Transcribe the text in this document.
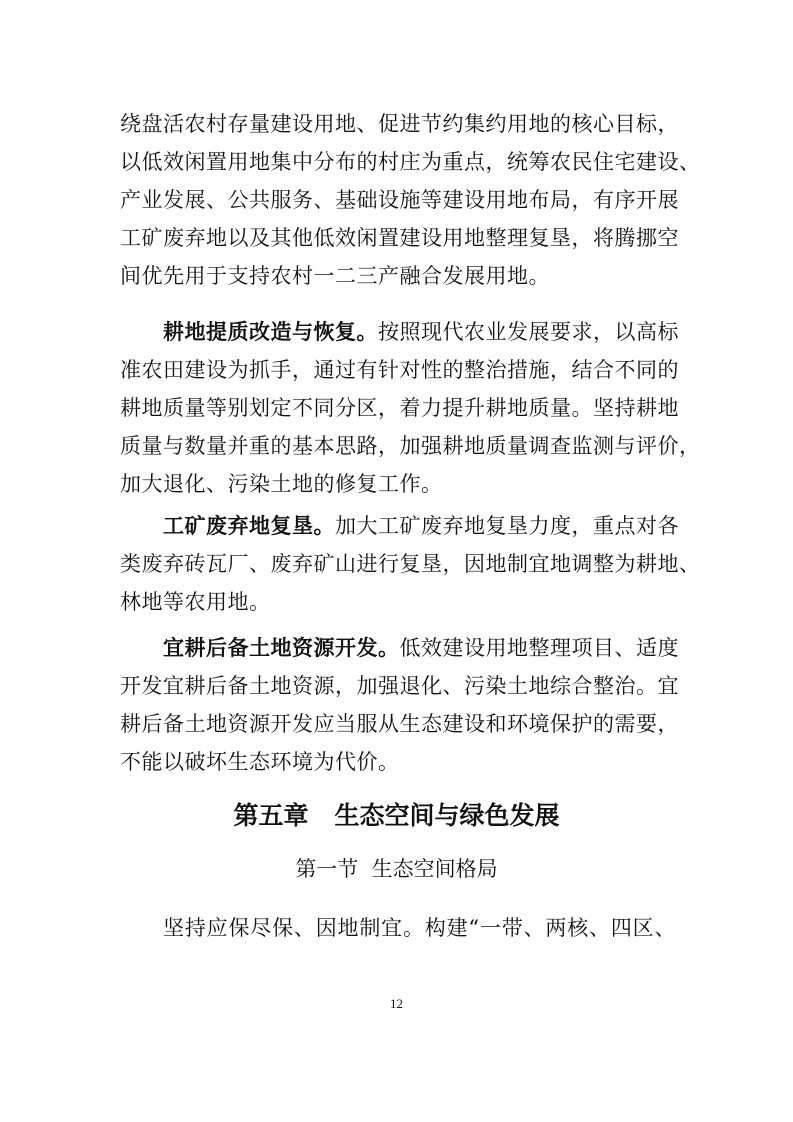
绕盘活农村存量建设用地、促进节约集约用地的核心目标，
以低效闲置用地集中分布的村庄为重点，统筹农民住宅建设、
产业发展、公共服务、基础设施等建设用地布局，有序开展
工矿废弃地以及其他低效闲置建设用地整理复垦，将腾挪空
间优先用于支持农村一二三产融合发展用地。
耕地提质改造与恢复。按照现代农业发展要求，以高标
准农田建设为抓手，通过有针对性的整治措施，结合不同的
耕地质量等别划定不同分区，着力提升耕地质量。坚持耕地
质量与数量并重的基本思路，加强耕地质量调查监测与评价，
加大退化、污染土地的修复工作。
工矿废弃地复垦。加大工矿废弃地复垦力度，重点对各
类废弃砖瓦厂、废弃矿山进行复垦，因地制宜地调整为耕地、
林地等农用地。
宜耕后备土地资源开发。低效建设用地整理项目、适度
开发宜耕后备土地资源，加强退化、污染土地综合整治。宜
耕后备土地资源开发应当服从生态建设和环境保护的需要，
不能以破坏生态环境为代价。
第五章   生态空间与绿色发展
第一节  生态空间格局
坚持应保尽保、因地制宜。构建“一带、两核、四区、
12
